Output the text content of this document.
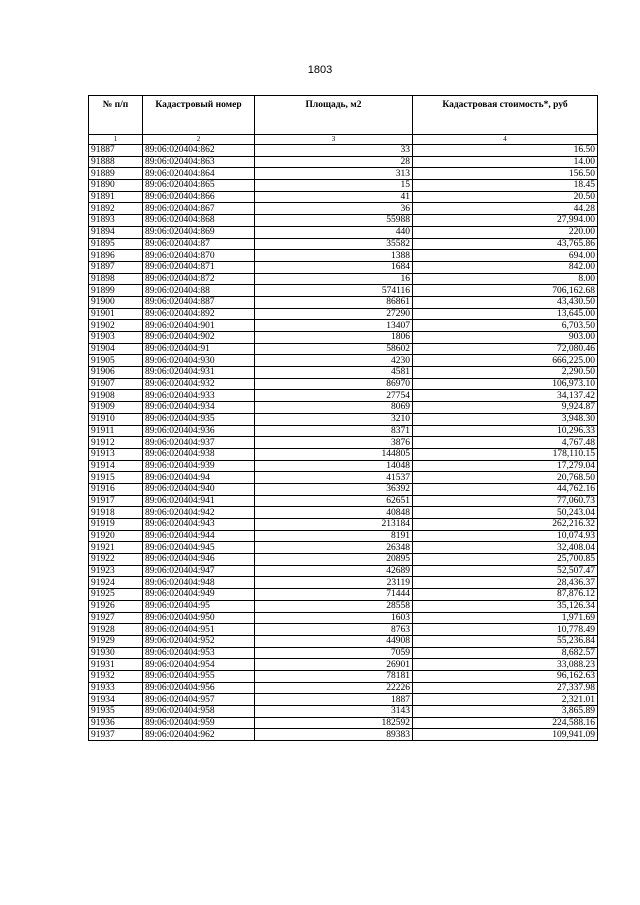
1803
№ п/п	Кадастровый номер	Площадь, м2	Кадастровая стоимость*, руб
1	2	3	4
91887	89:06:020404:862	33	16.50
91888	89:06:020404:863	28	14.00
91889	89:06:020404:864	313	156.50
91890	89:06:020404:865	15	18.45
91891	89:06:020404:866	41	20.50
91892	89:06:020404:867	36	44.28
91893	89:06:020404:868	55988	27,994.00
91894	89:06:020404:869	440	220.00
91895	89:06:020404:87	35582	43,765.86
91896	89:06:020404:870	1388	694.00
91897	89:06:020404:871	1684	842.00
91898	89:06:020404:872	16	8.00
91899	89:06:020404:88	574116	706,162.68
91900	89:06:020404:887	86861	43,430.50
91901	89:06:020404:892	27290	13,645.00
91902	89:06:020404:901	13407	6,703.50
91903	89:06:020404:902	1806	903.00
91904	89:06:020404:91	58602	72,080.46
91905	89:06:020404:930	4230	666,225.00
91906	89:06:020404:931	4581	2,290.50
91907	89:06:020404:932	86970	106,973.10
91908	89:06:020404:933	27754	34,137.42
91909	89:06:020404:934	8069	9,924.87
91910	89:06:020404:935	3210	3,948.30
91911	89:06:020404:936	8371	10,296.33
91912	89:06:020404:937	3876	4,767.48
91913	89:06:020404:938	144805	178,110.15
91914	89:06:020404:939	14048	17,279.04
91915	89:06:020404:94	41537	20,768.50
91916	89:06:020404:940	36392	44,762.16
91917	89:06:020404:941	62651	77,060.73
91918	89:06:020404:942	40848	50,243.04
91919	89:06:020404:943	213184	262,216.32
91920	89:06:020404:944	8191	10,074.93
91921	89:06:020404:945	26348	32,408.04
91922	89:06:020404:946	20895	25,700.85
91923	89:06:020404:947	42689	52,507.47
91924	89:06:020404:948	23119	28,436.37
91925	89:06:020404:949	71444	87,876.12
91926	89:06:020404:95	28558	35,126.34
91927	89:06:020404:950	1603	1,971.69
91928	89:06:020404:951	8763	10,778.49
91929	89:06:020404:952	44908	55,236.84
91930	89:06:020404:953	7059	8,682.57
91931	89:06:020404:954	26901	33,088.23
91932	89:06:020404:955	78181	96,162.63
91933	89:06:020404:956	22226	27,337.98
91934	89:06:020404:957	1887	2,321.01
91935	89:06:020404:958	3143	3,865.89
91936	89:06:020404:959	182592	224,588.16
91937	89:06:020404:962	89383	109,941.09
